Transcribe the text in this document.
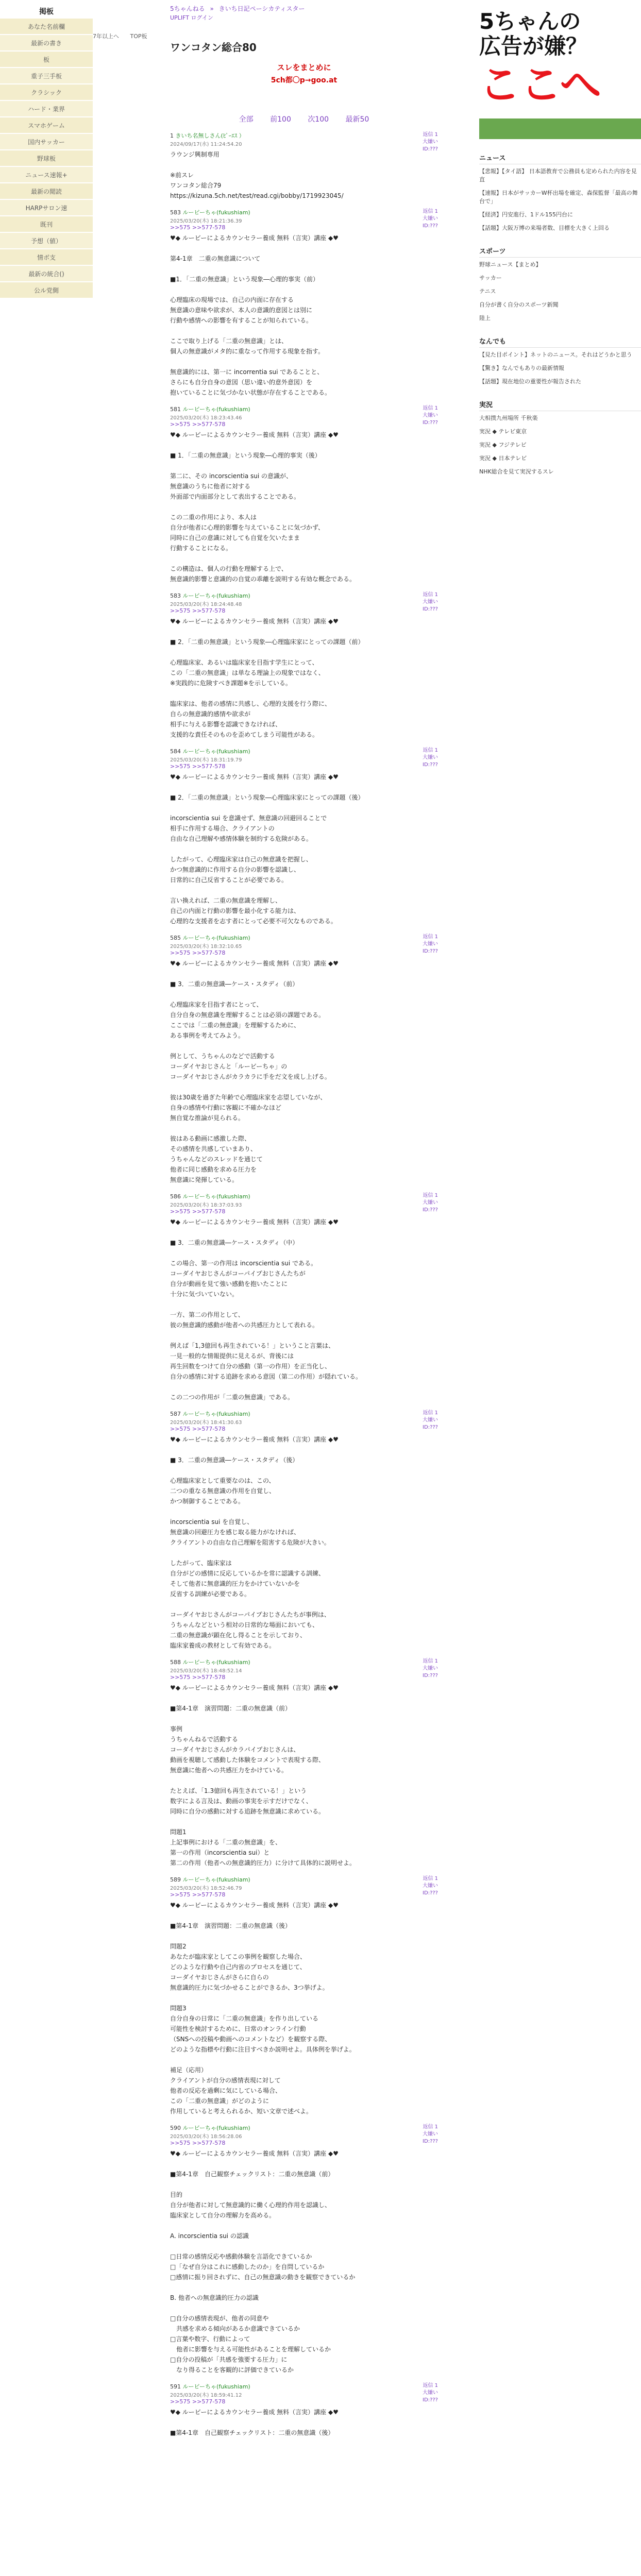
掲板
あなた名前欄
最新の書き
板
重子三手板
クラシック
ハード・業界
スマホゲーム
国内サッカー
野球板
ニュース速報+
最新の閲読
HARPサロン速
既刊
予想（値）
情ボ支
最新の統合()
公ル党側
7年以上へ TOP板
5ちゃんねる » きいち日記ペーシカティスター
UPLIFT ログイン
ワンコタン総合80
スレをまとめに
5ch都〇p→goo.at
全部 前100 次100 最新50
1 きいち名無しさん(ﾋﾟｰｴｽ ）
2024/09/17(水) 11:24:54.20
ラウンジ興制専用

※前スレ
ワンコタン総合79
https://kizuna.5ch.net/test/read.cgi/bobby/1719923045/
返信 1
大嫌い
ID:???
583 ルービーちゃ(fukushiam)
2025/03/20(木) 18:21:36.39
>>575 >>577-578
♥◆ ルービーによるカウンセラー養成 無料（言実）講座 ◆♥

第4-1章　二重の無意識について

■1．「二重の無意識」という現象―心理的事実（前）

心理臨床の現場では、自己の内面に存在する
無意識の意味や欲求が、本人の意識的意図とは別に
行動や感情への影響を有することが知られている。

ここで取り上げる「二重の無意識」とは、
個人の無意識がメタ的に重なって作用する現象を指す。

無意識的には、第一に incorrentia sui であることと、
さらにも自分自身の意図（思い違い的意外意図）を
抱いていることに気づかない状態が存在することである。
返信 1
大嫌い
ID:???
581 ルービーちゃ(fukushiam)
2025/03/20(木) 18:23:43.46
>>575 >>577-578
♥◆ ルービーによるカウンセラー養成 無料（言実）講座 ◆♥

■ 1．「二重の無意識」という現象―心理的事実（後）

第二に、その incorscientia sui の意識が、
無意識のうちに他者に対する
外面部で内面部分として表出することである。

この二重の作用により、本人は
自分が他者に心理的影響を与えていることに気づかず、
同時に自己の意識に対しても自覚を欠いたまま
行動することになる。

この構造は、個人の行動を理解する上で、
無意識的影響と意識的の自覚の乖離を説明する有効な概念である。
返信 1
大嫌い
ID:???
583 ルービーちゃ(fukushiam)
2025/03/20(木) 18:24:48.48
>>575 >>577-578
♥◆ ルービーによるカウンセラー養成 無料（言実）講座 ◆♥

■ 2．「二重の無意識」という現象―心理臨床家にとっての課題（前）

心理臨床家、あるいは臨床家を目指す学生にとって、
この「二重の無意識」は単なる理論上の現象ではなく、
※実践的に危険すべき課題※を示している。

臨床家は、他者の感情に共感し、心理的支援を行う際に、
自らの無意識的感情や欲求が
相手に与える影響を認識できなければ、
支援的な責任そのものを歪めてしまう可能性がある。
返信 1
大嫌い
ID:???
584 ルービーちゃ(fukushiam)
2025/03/20(木) 18:31:19.79
>>575 >>577-578
♥◆ ルービーによるカウンセラー養成 無料（言実）講座 ◆♥

■ 2．「二重の無意識」という現象―心理臨床家にとっての課題（後）

incorscientia sui を意識せず、無意識の回避回ることで
相手に作用する場合、クライアントの
自由な自己理解や感情体験を制約する危険がある。

したがって、心理臨床家は自己の無意識を把握し、
かつ無意識的に作用する自分の影響を認識し、
日常的に自己反省することが必要である。

言い換えれば、二重の無意識を理解し、
自己の内面と行動の影響を最小化する能力は、
心理的な支援者を志す者にとって必要不可欠なものである。
返信 1
大嫌い
ID:???
585 ルービーちゃ(fukushiam)
2025/03/20(木) 18:32:10.65
>>575 >>577-578
♥◆ ルービーによるカウンセラー養成 無料（言実）講座 ◆♥

■ 3．二重の無意識―ケース・スタディ（前）

心理臨床家を目指す者にとって、
自分自身の無意識を理解することは必須の課題である。
ここでは「二重の無意識」を理解するために、
ある事例を考えてみよう。

例として、うちゃんのなどで活動する
コーダイヤおじさんと「ルービーちゃ」の
コーダイヤおじさんがカラカラに手をだ文を成し上げる。

彼は30歳を過ぎた年齢で心理臨床家を志望していなが、
自身の感情や行動に客観に不確かなほど
無自覚な推論が見られる。

彼はある動画に感激した際、
その感情を共感していまあり、
うちゃんなどのスレッドを通じて
他者に同じ感動を求める圧力を
無意識に発揮している。
返信 1
大嫌い
ID:???
586 ルービーちゃ(fukushiam)
2025/03/20(木) 18:37:03.93
>>575 >>577-578
♥◆ ルービーによるカウンセラー養成 無料（言実）講座 ◆♥

■ 3．二重の無意識―ケース・スタディ（中）

この場合、第一の作用は incorscientia sui である。
コーダイヤおじさんがコーパイプおじさんたちが
自分が動画を見て強い感動を抱いたことに
十分に気づいていない。

一方、第二の作用として、
彼の無意識的感動が他者への共感圧力として表れる。

例えば「1,3億回も再生されている！」ということ言葉は、
一見一般的な情報提供に見えるが、背後には
再生回数をつけて自分の感動（第一の作用）を正当化し、
自分の感情に対する追跡を求める意図（第二の作用）が隠れている。

この二つの作用が「二重の無意識」である。
返信 1
大嫌い
ID:???
587 ルービーちゃ(fukushiam)
2025/03/20(木) 18:41:30.63
>>575 >>577-578
♥◆ ルービーによるカウンセラー養成 無料（言実）講座 ◆♥

■ 3．二重の無意識―ケース・スタディ（後）

心理臨床家として重要なのは、この、
二つの重なる無意識の作用を自覚し、
かつ制御することである。

incorscientia sui を自覚し、
無意識の回避圧力を感じ取る能力がなければ、
クライアントの自由な自己理解を阻害する危険が大きい。

したがって、臨床家は
自分がどの感情に反応しているかを常に認識する訓練、
そして他者に無意識的圧力をかけていないかを
反省する訓練が必要である。

コーダイヤおじさんがコーパイプおじさんたちが事例は、
うちゃんなどという相対の日常的な場面においても、
二重の無意識が顕在化し得ることを示しており、
臨床家養成の教材として有効である。
返信 1
大嫌い
ID:???
588 ルービーちゃ(fukushiam)
2025/03/20(木) 18:48:52.14
>>575 >>577-578
♥◆ ルービーによるカウンセラー養成 無料（言実）講座 ◆♥

■第4-1章　演習問題：二重の無意識（前）

事例
うちゃんねるで活動する
コーダイヤおじさんがカラパイプおじさんは、
動画を視聴して感動した体験をコメントで表現する際、
無意識に他者への共感圧力をかけている。

たとえば、「1.3億回も再生されている！」という
数字による言及は、動画の事実を示すだけでなく、
同時に自分の感動に対する追跡を無意識に求めている。

問題1
上記事例における「二重の無意識」を、
第一の作用（incorscientia sui）と
第二の作用（他者への無意識的圧力）に分けて具体的に説明せよ。
返信 1
大嫌い
ID:???
589 ルービーちゃ(fukushiam)
2025/03/20(木) 18:52:46.79
>>575 >>577-578
♥◆ ルービーによるカウンセラー養成 無料（言実）講座 ◆♥

■第4-1章　演習問題：二重の無意識（後）

問題2
あなたが臨床家としてこの事例を観察した場合、
どのような行動や自己内省のプロセスを通じて、
コーダイヤおじさんがさらに自らの
無意識的圧力に気づかせることができるか、3つ挙げよ。

問題3
自分自身の日常に「二重の無意識」を作り出している
可能性を検討するために、日常のオンライン行動
（SNSへの投稿や動画へのコメントなど）を観察する際、
どのような指標や行動に注目すべきか説明せよ。具体例を挙げよ。

補足（応用）
クライアントが自分の感情表現に対して
他者の反応を過剰に気にしている場合、
この「二重の無意識」がどのように
作用していると考えられるか、短い文章で述べよ。
返信 1
大嫌い
ID:???
590 ルービーちゃ(fukushiam)
2025/03/20(木) 18:56:28.06
>>575 >>577-578
♥◆ ルービーによるカウンセラー養成 無料（言実）講座 ◆♥

■第4-1章　自己観察チェックリスト：二重の無意識（前）

目的
自分が他者に対して無意識的に働く心理的作用を認識し、
臨床家として自分の理解力を高める。

A. incorscientia sui の認識

□日常の感情反応や感動体験を言語化できているか
□「なぜ自分はこれに感動したのか」を自問しているか
□感情に振り回されずに、自己の無意識の動きを観察できているか

B. 他者への無意識的圧力の認識

□自分の感情表現が、他者の同意や
　共感を求める傾向があるか意識できているか
□言葉や数字、行動によって
　他者に影響を与える可能性があることを理解しているか
□自分の投稿が「共感を強要する圧力」に
　なり得ることを客観的に評価できているか
返信 1
大嫌い
ID:???
591 ルービーちゃ(fukushiam)
2025/03/20(木) 18:59:41.12
>>575 >>577-578
♥◆ ルービーによるカウンセラー養成 無料（言実）講座 ◆♥

■第4-1章　自己観察チェックリスト：二重の無意識（後）
返信 1
大嫌い
ID:???
5ちゃんの
広告が嫌？
ここへ
ニュース
【悲報】【タイ語】 日本語教育で公務員も定められた内容を見直
【速報】日本がサッカーW杯出場を確定、森保監督「最高の舞台で」
【経済】円安進行、1ドル155円台に
【話題】大阪万博の来場者数、目標を大きく上回る
スポーツ
野球ニュース【まとめ】
サッカー
テニス
自分が書く自分のスポーツ新聞
陸上
なんでも
【見た目ポイント】ネットのニュース。それはどうかと思う
【驚き】なんでもありの最新情報
【話題】現在地位の重要性が報告された
実況
大相撲九州場所 千秋楽
実況 ◆ テレビ東京
実況 ◆ フジテレビ
実況 ◆ 日本テレビ
NHK総合を見て実況するスレ
